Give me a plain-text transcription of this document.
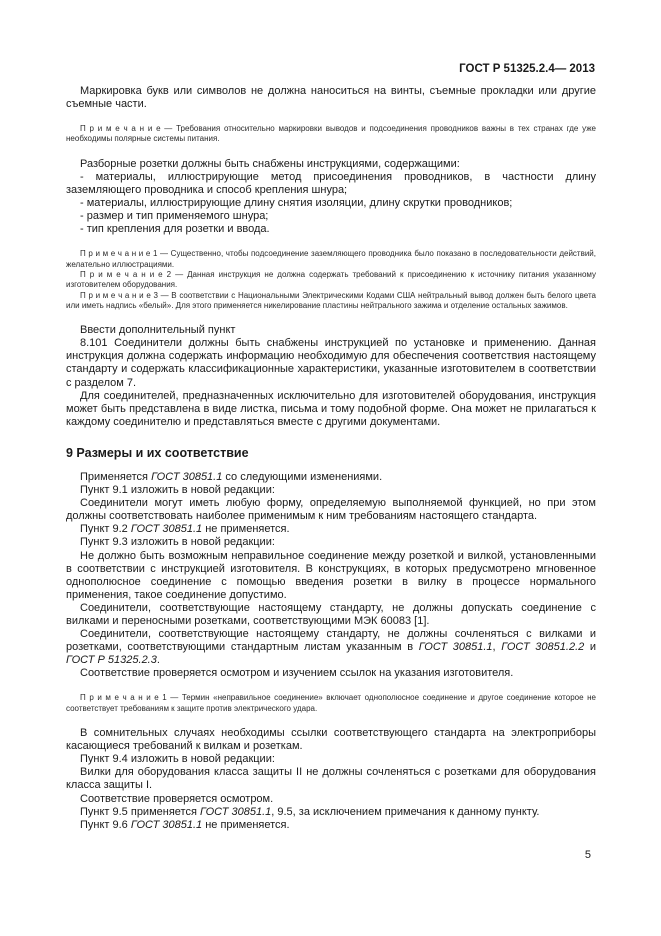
ГОСТ Р 51325.2.4— 2013

Маркировка букв или символов не должна наноситься на винты, съемные прокладки или другие съемные части.

П р и м е ч а н и е — Требования относительно маркировки выводов и подсоединения проводников важны в тех странах где уже необходимы полярные системы питания.

Разборные розетки должны быть снабжены инструкциями, содержащими:

- материалы, иллюстрирующие метод присоединения проводников, в частности длину заземляющего проводника и способ крепления шнура;

- материалы, иллюстрирующие длину снятия изоляции, длину скрутки проводников;

- размер и тип применяемого шнура;

- тип крепления для розетки и ввода.

П р и м е ч а н и е 1 — Существенно, чтобы подсоединение заземляющего проводника было показано в последовательности действий, желательно иллюстрациями.

П р и м е ч а н и е 2 — Данная инструкция не должна содержать требований к присоединению к источнику питания указанному изготовителем оборудования.

П р и м е ч а н и е 3 — В соответствии с Национальными Электрическими Кодами США нейтральный вывод должен быть белого цвета или иметь надпись «белый». Для этого применяется никелирование пластины нейтрального зажима и отделение остальных зажимов.

Ввести дополнительный пункт

8.101 Соединители должны быть снабжены инструкцией по установке и применению. Данная инструкция должна содержать информацию необходимую для обеспечения соответствия настоящему стандарту и содержать классификационные характеристики, указанные изготовителем в соответствии с разделом 7.

Для соединителей, предназначенных исключительно для изготовителей оборудования, инструкция может быть представлена в виде листка, письма и тому подобной форме. Она может не прилагаться к каждому соединителю и представляться вместе с другими документами.

9 Размеры и их соответствие

Применяется ГОСТ 30851.1 со следующими изменениями.

Пункт 9.1 изложить в новой редакции:

Соединители могут иметь любую форму, определяемую выполняемой функцией, но при этом должны соответствовать наиболее применимым к ним требованиям настоящего стандарта.

Пункт 9.2 ГОСТ 30851.1 не применяется.

Пункт 9.3 изложить в новой редакции:

Не должно быть возможным неправильное соединение между розеткой и вилкой, установленными в соответствии с инструкцией изготовителя. В конструкциях, в которых предусмотрено мгновенное однополюсное соединение с помощью введения розетки в вилку в процессе нормального применения, такое соединение допустимо.

Соединители, соответствующие настоящему стандарту, не должны допускать соединение с вилками и переносными розетками, соответствующими МЭК 60083 [1].

Соединители, соответствующие настоящему стандарту, не должны сочленяться с вилками и розетками, соответствующими стандартным листам указанным в ГОСТ 30851.1, ГОСТ 30851.2.2 и ГОСТ Р 51325.2.3.

Соответствие проверяется осмотром и изучением ссылок на указания изготовителя.

П р и м е ч а н и е 1 — Термин «неправильное соединение» включает однополюсное соединение и другое соединение которое не соответствует требованиям к защите против электрического удара.

В сомнительных случаях необходимы ссылки соответствующего стандарта на электроприборы касающиеся требований к вилкам и розеткам.

Пункт 9.4 изложить в новой редакции:

Вилки для оборудования класса защиты II не должны сочленяться с розетками для оборудования класса защиты I.

Соответствие проверяется осмотром.

Пункт 9.5 применяется ГОСТ 30851.1, 9.5, за исключением примечания к данному пункту.

Пункт 9.6 ГОСТ 30851.1 не применяется.

5
